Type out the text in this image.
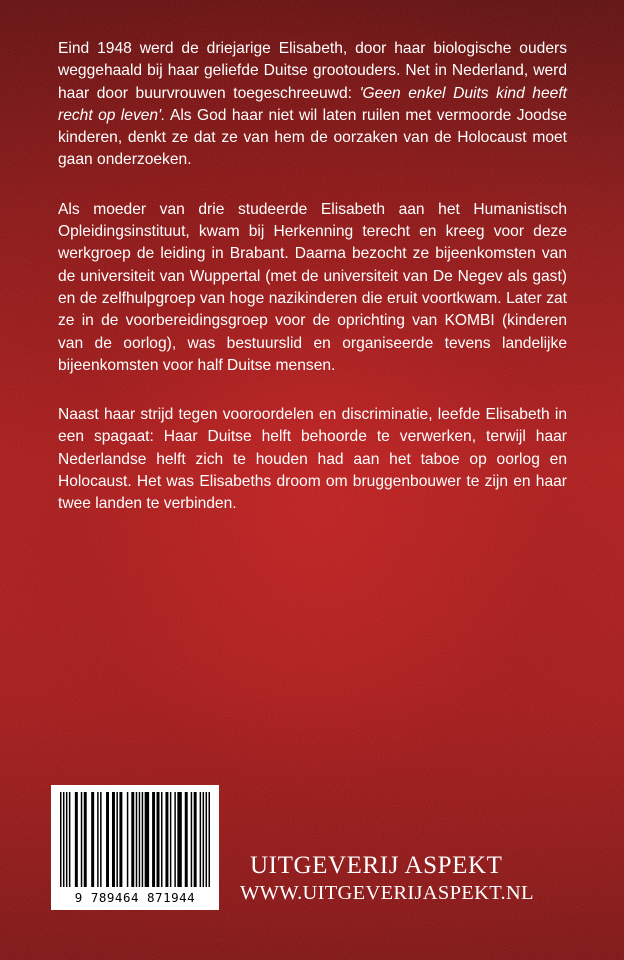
Eind 1948 werd de driejarige Elisabeth, door haar biologische ouders weggehaald bij haar geliefde Duitse grootouders. Net in Nederland, werd haar door buurvrouwen toegeschreeuwd: 'Geen enkel Duits kind heeft recht op leven'. Als God haar niet wil laten ruilen met vermoorde Joodse kinderen, denkt ze dat ze van hem de oorzaken van de Holocaust moet gaan onderzoeken.

Als moeder van drie studeerde Elisabeth aan het Humanistisch Opleidingsinstituut, kwam bij Herkenning terecht en kreeg voor deze werkgroep de leiding in Brabant. Daarna bezocht ze bijeenkomsten van de universiteit van Wuppertal (met de universiteit van De Negev als gast) en de zelfhulpgroep van hoge nazikinderen die eruit voortkwam. Later zat ze in de voorbereidingsgroep voor de oprichting van KOMBI (kinderen van de oorlog), was bestuurslid en organiseerde tevens landelijke bijeenkomsten voor half Duitse mensen.

Naast haar strijd tegen vooroordelen en discriminatie, leefde Elisabeth in een spagaat: Haar Duitse helft behoorde te verwerken, terwijl haar Nederlandse helft zich te houden had aan het taboe op oorlog en Holocaust. Het was Elisabeths droom om bruggenbouwer te zijn en haar twee landen te verbinden.

9 789464 871944
UITGEVERIJ ASPEKT
WWW.UITGEVERIJASPEKT.NL
